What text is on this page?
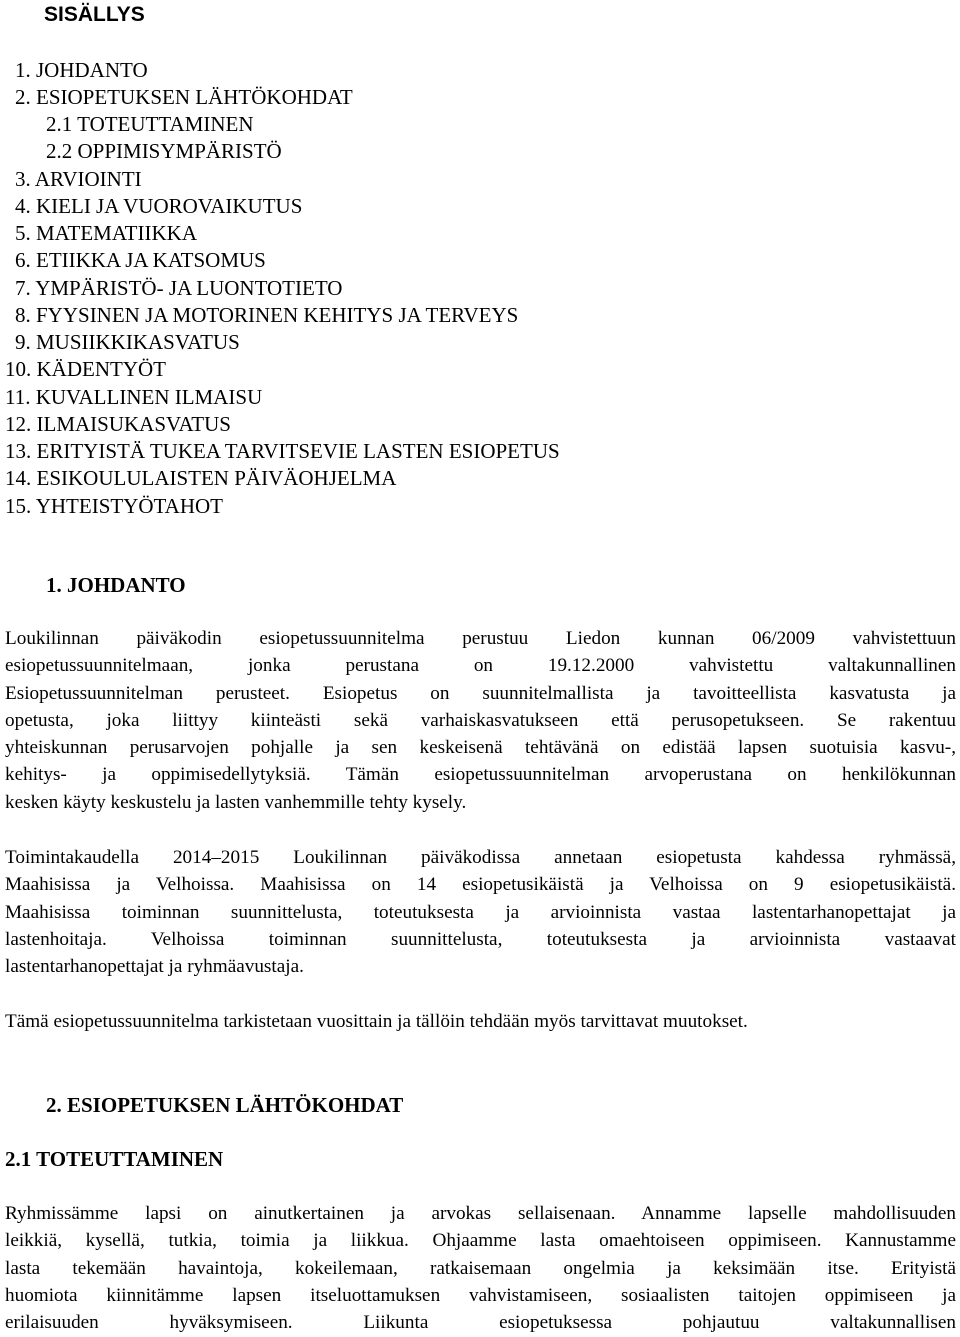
SISÄLLYS
1. JOHDANTO
2. ESIOPETUKSEN LÄHTÖKOHDAT
2.1 TOTEUTTAMINEN
2.2 OPPIMISYMPÄRISTÖ
3. ARVIOINTI
4. KIELI JA VUOROVAIKUTUS
5. MATEMATIIKKA
6. ETIIKKA JA KATSOMUS
7. YMPÄRISTÖ- JA LUONTOTIETO
8. FYYSINEN JA MOTORINEN KEHITYS JA TERVEYS
9. MUSIIKKIKASVATUS
10. KÄDENTYÖT
11. KUVALLINEN ILMAISU
12. ILMAISUKASVATUS
13. ERITYISTÄ TUKEA TARVITSEVIE LASTEN ESIOPETUS
14. ESIKOULULAISTEN PÄIVÄOHJELMA
15. YHTEISTYÖTAHOT
1. JOHDANTO
Loukilinnan päiväkodin esiopetussuunnitelma perustuu Liedon kunnan 06/2009 vahvistettuun
esiopetussuunnitelmaan, jonka perustana on 19.12.2000 vahvistettu valtakunnallinen
Esiopetussuunnitelman perusteet. Esiopetus on suunnitelmallista ja tavoitteellista kasvatusta ja
opetusta, joka liittyy kiinteästi sekä varhaiskasvatukseen että perusopetukseen. Se rakentuu
yhteiskunnan perusarvojen pohjalle ja sen keskeisenä tehtävänä on edistää lapsen suotuisia kasvu-,
kehitys- ja oppimisedellytyksiä. Tämän esiopetussuunnitelman arvoperustana on henkilökunnan
kesken käyty keskustelu ja lasten vanhemmille tehty kysely.
Toimintakaudella 2014–2015 Loukilinnan päiväkodissa annetaan esiopetusta kahdessa ryhmässä,
Maahisissa ja Velhoissa. Maahisissa on 14 esiopetusikäistä ja Velhoissa on 9 esiopetusikäistä.
Maahisissa toiminnan suunnittelusta, toteutuksesta ja arvioinnista vastaa lastentarhanopettajat ja
lastenhoitaja. Velhoissa toiminnan suunnittelusta, toteutuksesta ja arvioinnista vastaavat
lastentarhanopettajat ja ryhmäavustaja.
Tämä esiopetussuunnitelma tarkistetaan vuosittain ja tällöin tehdään myös tarvittavat muutokset.
2. ESIOPETUKSEN LÄHTÖKOHDAT
2.1 TOTEUTTAMINEN
Ryhmissämme lapsi on ainutkertainen ja arvokas sellaisenaan. Annamme lapselle mahdollisuuden
leikkiä, kysellä, tutkia, toimia ja liikkua. Ohjaamme lasta omaehtoiseen oppimiseen. Kannustamme
lasta tekemään havaintoja, kokeilemaan, ratkaisemaan ongelmia ja keksimään itse. Erityistä
huomiota kiinnitämme lapsen itseluottamuksen vahvistamiseen, sosiaalisten taitojen oppimiseen ja
erilaisuuden hyväksymiseen. Liikunta esiopetuksessa pohjautuu valtakunnallisen
